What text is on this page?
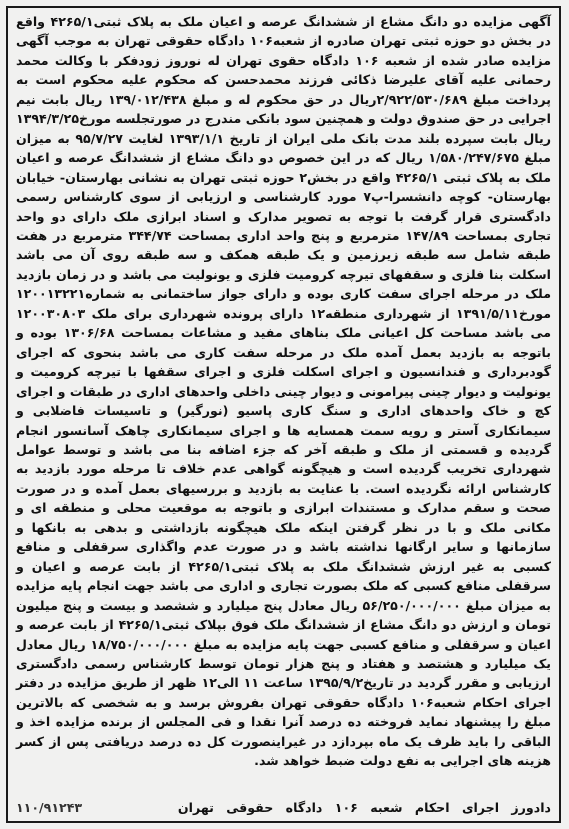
آگهی مزایده دو دانگ مشاع از ششدانگ عرصه و اعیان ملک به پلاک ثبتی۴۲۶۵/۱ واقع در بخش دو حوزه ثبتی تهران صادره از شعبه۱۰۶ دادگاه حقوقی تهران به موجب آگهی مزایده صادر شده از شعبه ۱۰۶ دادگاه حقوی تهران له نوروز زودفکر با وکالت محمد رحمانی علیه آقای علیرضا ذکائی فرزند محمدحسن که محکوم علیه محکوم است به پرداخت مبلغ ۲/۹۲۲/۵۳۰/۶۸۹ریال در حق محکوم له و مبلغ ۱۳۹/۰۱۲/۴۳۸ ریال بابت نیم اجرایی در حق صندوق دولت و همچنین سود بانکی مندرج در صورتجلسه مورخ۱۳۹۴/۳/۲۵ ریال بابت سپرده بلند مدت بانک ملی ایران از تاریخ ۱۳۹۳/۱/۱ لغایت ۹۵/۷/۲۷ به میزان مبلغ ۱/۵۸۰/۲۴۷/۶۷۵ ریال که در این خصوص دو دانگ مشاع از ششدانگ عرصه و اعیان ملک به پلاک ثبتی ۴۲۶۵/۱ واقع در بخش۲ حوزه ثبتی تهران به نشانی بهارستان- خیابان بهارستان- کوچه دانشسرا-پ۷ مورد کارشناسی و ارزیابی از سوی کارشناس رسمی دادگستری قرار گرفت با توجه به تصویر مدارک و اسناد ابرازی ملک دارای دو واحد تجاری بمساحت ۱۴۷/۸۹ مترمربع و پنج واحد اداری بمساحت ۳۴۴/۷۴ مترمربع در هفت طبقه شامل سه طبقه زیرزمین و یک طبقه همکف و سه طبقه روی آن می باشد اسکلت بنا فلزی و سقفهای تیرچه کرومیت فلزی و یونولیت می باشد و در زمان بازدید ملک در مرحله اجرای سفت کاری بوده و دارای جواز ساختمانی به شماره۱۲۰۰۱۳۲۲۱ مورخ۱۳۹۱/۵/۱۱ از شهرداری منطقه۱۲ دارای پرونده شهرداری برای ملک ۱۲۰۰۳۰۸۰۳ می باشد مساحت کل اعیانی ملک بناهای مفید و مشاعات بمساحت ۱۳۰۶/۶۸ بوده و باتوجه به بازدید بعمل آمده ملک در مرحله سفت کاری می باشد بنحوی که اجرای گودبرداری و فندانسیون و اجرای اسکلت فلزی و اجرای سقفها با تیرچه کرومیت و یونولیت و دیوار چینی پیرامونی و دیوار چینی داخلی واحدهای اداری در طبقات و اجرای کچ و خاک واحدهای اداری و سنگ کاری پاسیو (نورگیر) و تاسیسات فاضلابی و سیمانکاری آستر و رویه سمت همسایه ها و اجرای سیمانکاری چاهک آسانسور انجام گردیده و قسمتی از ملک و طبقه آخر که جزء اضافه بنا می باشد و توسط عوامل شهرداری تخریب گردیده است و هیچگونه گواهی عدم خلاف تا مرحله مورد بازدید به کارشناس ارائه نگردیده است. با عنایت به بازدید و بررسیهای بعمل آمده و در صورت صحت و سقم مدارک و مستندات ابرازی و باتوجه به موقعیت محلی و منطقه ای و مکانی ملک و با در نظر گرفتن اینکه ملک هیچگونه بازداشتی و بدهی به بانکها و سازمانها و سایر ارگانها نداشته باشد و در صورت عدم واگذاری سرقفلی و منافع کسبی به غیر ارزش ششدانگ ملک به پلاک ثبتی۴۲۶۵/۱ از بابت عرصه و اعیان و سرقفلی منافع کسبی که ملک بصورت تجاری و اداری می باشد جهت انجام پایه مزایده به میزان مبلغ ۵۶/۲۵۰/۰۰۰/۰۰۰ ریال معادل پنج میلیارد و ششصد و بیست و پنج میلیون تومان و ارزش دو دانگ مشاع از ششدانگ ملک فوق بپلاک ثبتی۴۲۶۵/۱ از بابت عرصه و اعیان و سرقفلی و منافع کسبی جهت پایه مزایده به مبلغ ۱۸/۷۵۰/۰۰۰/۰۰۰ ریال معادل یک میلیارد و هشتصد و هفتاد و پنج هزار تومان توسط کارشناس رسمی دادگستری ارزیابی و مقرر گردید در تاریخ۱۳۹۵/۹/۲ ساعت ۱۱ الی۱۲ ظهر از طریق مزایده در دفتر اجرای احکام شعبه۱۰۶ دادگاه حقوقی تهران بفروش برسد و به شخصی که بالاترین مبلغ را پیشنهاد نماید فروخته ده درصد آنرا نقدا و فی المجلس از برنده مزایده اخذ و الباقی را باید ظرف یک ماه بپردازد در غیراینصورت کل ده درصد دریافتی پس از کسر هزینه های اجرایی به نفع دولت ضبط خواهد شد.
دادورز اجرای احکام شعبه ۱۰۶ دادگاه حقوقی تهران
۱۱۰/۹۱۲۴۳
